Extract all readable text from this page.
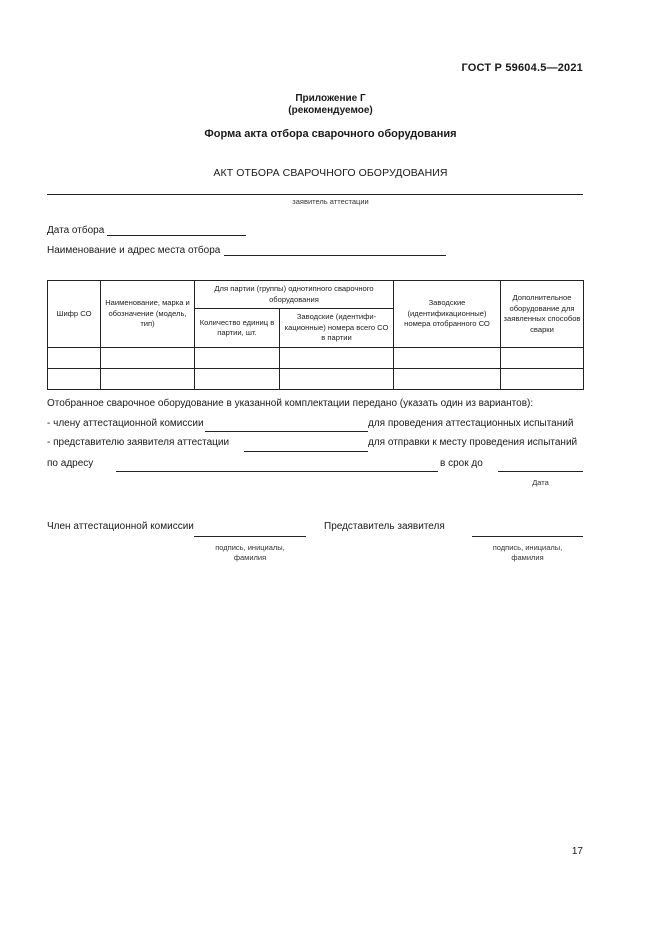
ГОСТ Р 59604.5—2021
Приложение Г
(рекомендуемое)
Форма акта отбора сварочного оборудования
АКТ ОТБОРА СВАРОЧНОГО ОБОРУДОВАНИЯ
заявитель аттестации
Дата отбора
Наименование и адрес места отбора
Шифр СО	Наименование, марка и обозначение (модель, тип)	Для партии (группы) однотипного сварочного оборудования		Заводские (идентификационные) номера отобранного СО	Дополнительное оборудование для заявленных способов сварки
		Количество единиц в партии, шт.	Заводские (идентифи-кационные) номера всего СО в партии		

Отобранное сварочное оборудование в указанной комплектации передано (указать один из вариантов):
- члену аттестационной комиссии	для проведения аттестационных испытаний
- представителю заявителя аттестации	для отправки к месту проведения испытаний
по адресу	в срок до
Дата
Член аттестационной комиссии
подпись, инициалы,
фамилия
Представитель заявителя
подпись, инициалы,
фамилия
17
